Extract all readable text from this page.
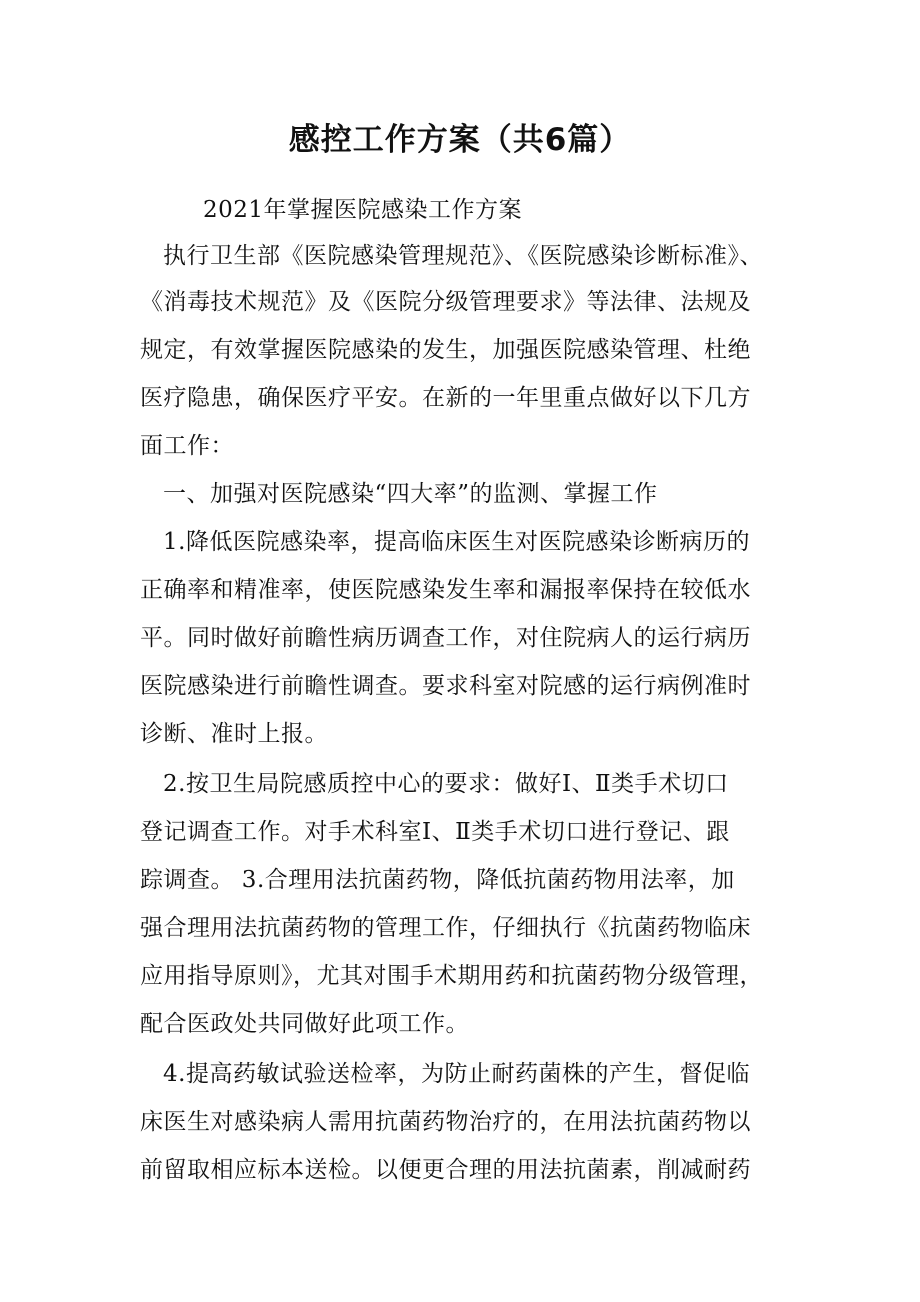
感控工作方案（共6篇）
2021年掌握医院感染工作方案
执行卫生部《医院感染管理规范》、《医院感染诊断标准》、
《消毒技术规范》及《医院分级管理要求》等法律、法规及
规定，有效掌握医院感染的发生，加强医院感染管理、杜绝
医疗隐患，确保医疗平安。在新的一年里重点做好以下几方
面工作：
一、加强对医院感染“四大率”的监测、掌握工作
1.降低医院感染率，提高临床医生对医院感染诊断病历的
正确率和精准率，使医院感染发生率和漏报率保持在较低水
平。同时做好前瞻性病历调查工作，对住院病人的运行病历
医院感染进行前瞻性调查。要求科室对院感的运行病例准时
诊断、准时上报。
2.按卫生局院感质控中心的要求：做好Ⅰ、Ⅱ类手术切口
登记调查工作。对手术科室Ⅰ、Ⅱ类手术切口进行登记、跟
踪调查。 3.合理用法抗菌药物，降低抗菌药物用法率，加
强合理用法抗菌药物的管理工作，仔细执行《抗菌药物临床
应用指导原则》，尤其对围手术期用药和抗菌药物分级管理，
配合医政处共同做好此项工作。
4.提高药敏试验送检率，为防止耐药菌株的产生，督促临
床医生对感染病人需用抗菌药物治疗的，在用法抗菌药物以
前留取相应标本送检。以便更合理的用法抗菌素，削减耐药
